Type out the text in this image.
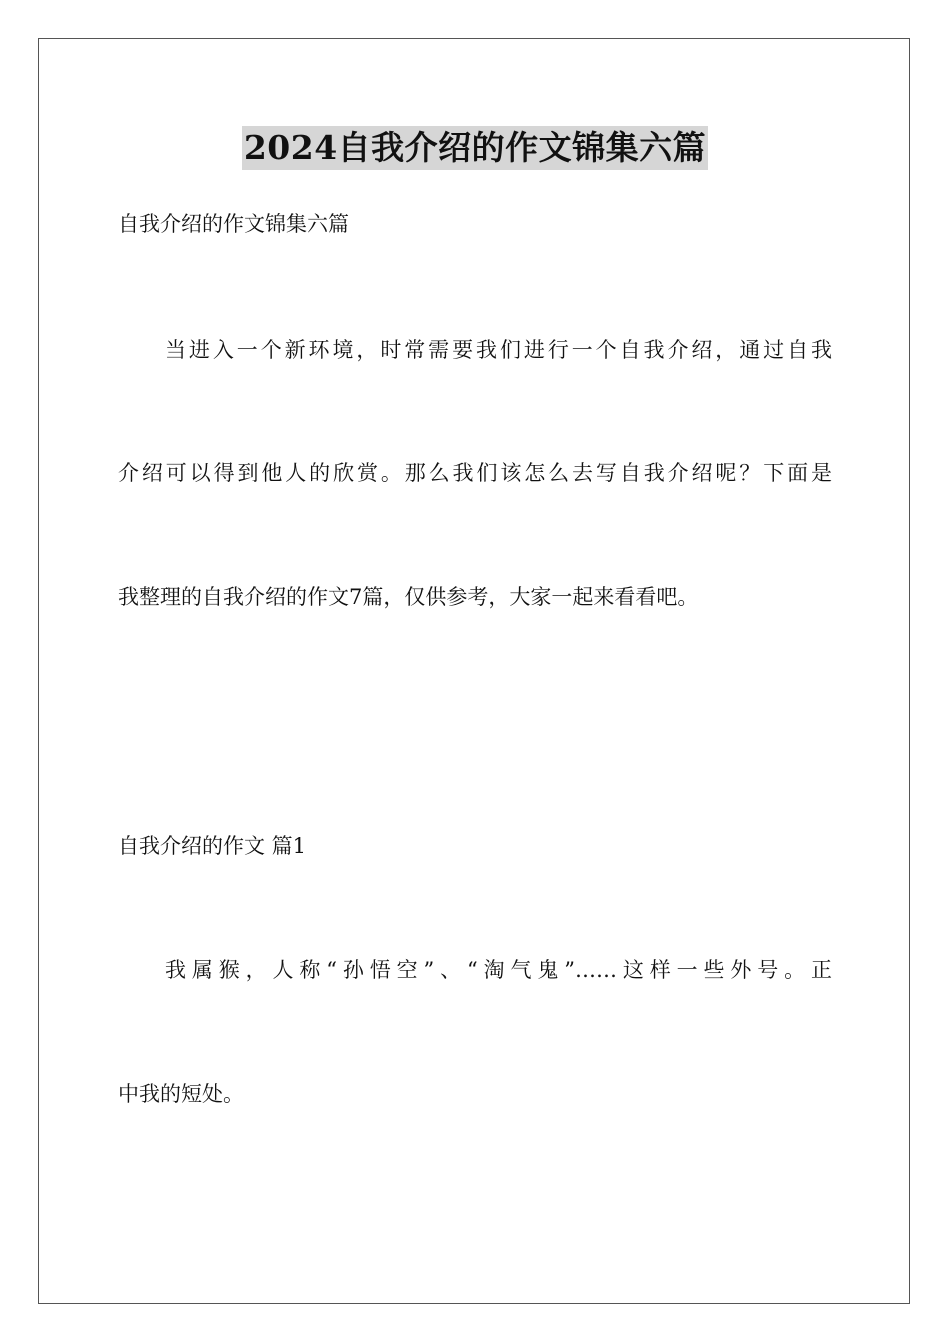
2024自我介绍的作文锦集六篇

自我介绍的作文锦集六篇

当进入一个新环境，时常需要我们进行一个自我介绍，通过自我

介绍可以得到他人的欣赏。那么我们该怎么去写自我介绍呢？下面是

我整理的自我介绍的作文7篇，仅供参考，大家一起来看看吧。

自我介绍的作文 篇1

我属猴，人称“孙悟空”、“淘气鬼”……这样一些外号。正

中我的短处。
